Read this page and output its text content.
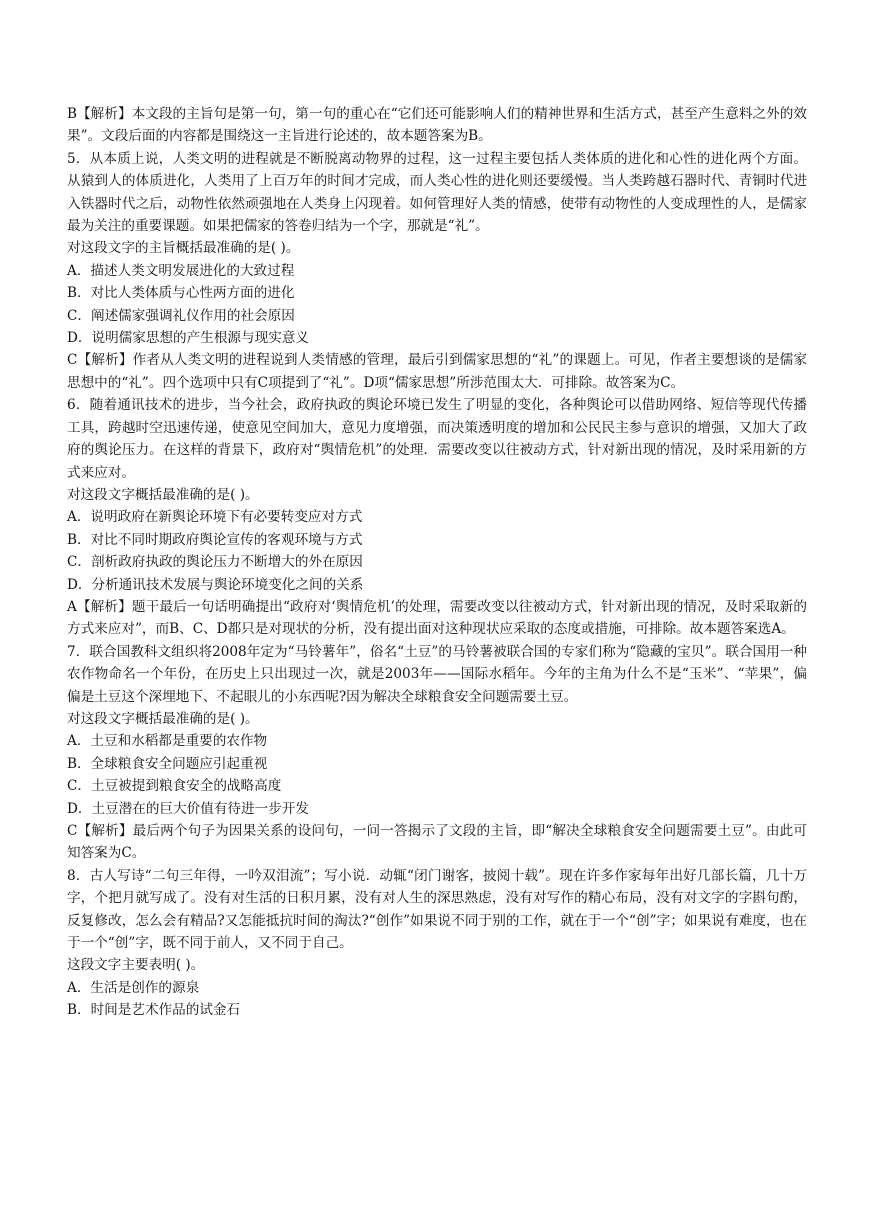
B【解析】本文段的主旨句是第一句，第一句的重心在“它们还可能影响人们的精神世界和生活方式，甚至产生意料之外的效果”。文段后面的内容都是围绕这一主旨进行论述的，故本题答案为B。

5．从本质上说，人类文明的进程就是不断脱离动物界的过程，这一过程主要包括人类体质的进化和心性的进化两个方面。从猿到人的体质进化，人类用了上百万年的时间才完成，而人类心性的进化则还要缓慢。当人类跨越石器时代、青铜时代进入铁器时代之后，动物性依然顽强地在人类身上闪现着。如何管理好人类的情感，使带有动物性的人变成理性的人，是儒家最为关注的重要课题。如果把儒家的答卷归结为一个字，那就是“礼”。

对这段文字的主旨概括最准确的是( )。

A．描述人类文明发展进化的大致过程

B．对比人类体质与心性两方面的进化

C．阐述儒家强调礼仪作用的社会原因

D．说明儒家思想的产生根源与现实意义

C【解析】作者从人类文明的进程说到人类情感的管理，最后引到儒家思想的“礼”的课题上。可见，作者主要想谈的是儒家思想中的“礼”。四个选项中只有C项提到了“礼”。D项“儒家思想”所涉范围太大．可排除。故答案为C。

6．随着通讯技术的进步，当今社会，政府执政的舆论环境已发生了明显的变化，各种舆论可以借助网络、短信等现代传播工具，跨越时空迅速传递，使意见空间加大，意见力度增强，而决策透明度的增加和公民民主参与意识的增强，又加大了政府的舆论压力。在这样的背景下，政府对“舆情危机”的处理．需要改变以往被动方式，针对新出现的情况，及时采用新的方式来应对。

对这段文字概括最准确的是( )。

A．说明政府在新舆论环境下有必要转变应对方式

B．对比不同时期政府舆论宣传的客观环境与方式

C．剖析政府执政的舆论压力不断增大的外在原因

D．分析通讯技术发展与舆论环境变化之间的关系

A【解析】题干最后一句话明确提出“政府对‘舆情危机’的处理，需要改变以往被动方式，针对新出现的情况，及时采取新的方式来应对”，而B、C、D都只是对现状的分析，没有提出面对这种现状应采取的态度或措施，可排除。故本题答案选A。

7．联合国教科文组织将2008年定为“马铃薯年”，俗名“土豆”的马铃薯被联合国的专家们称为“隐藏的宝贝”。联合国用一种农作物命名一个年份，在历史上只出现过一次，就是2003年——国际水稻年。今年的主角为什么不是“玉米”、“苹果”，偏偏是土豆这个深埋地下、不起眼儿的小东西呢?因为解决全球粮食安全问题需要土豆。

对这段文字概括最准确的是( )。

A．土豆和水稻都是重要的农作物

B．全球粮食安全问题应引起重视

C．土豆被提到粮食安全的战略高度

D．土豆潜在的巨大价值有待进一步开发

C【解析】最后两个句子为因果关系的设问句，一问一答揭示了文段的主旨，即“解决全球粮食安全问题需要土豆”。由此可知答案为C。

8．古人写诗“二句三年得，一吟双泪流”；写小说．动辄“闭门谢客，披阅十载”。现在许多作家每年出好几部长篇，几十万字，个把月就写成了。没有对生活的日积月累，没有对人生的深思熟虑，没有对写作的精心布局，没有对文字的字斟句酌，反复修改，怎么会有精品?又怎能抵抗时间的淘汰?“创作”如果说不同于别的工作，就在于一个“创”字；如果说有难度，也在于一个“创”字，既不同于前人，又不同于自己。

这段文字主要表明( )。

A．生活是创作的源泉

B．时间是艺术作品的试金石
